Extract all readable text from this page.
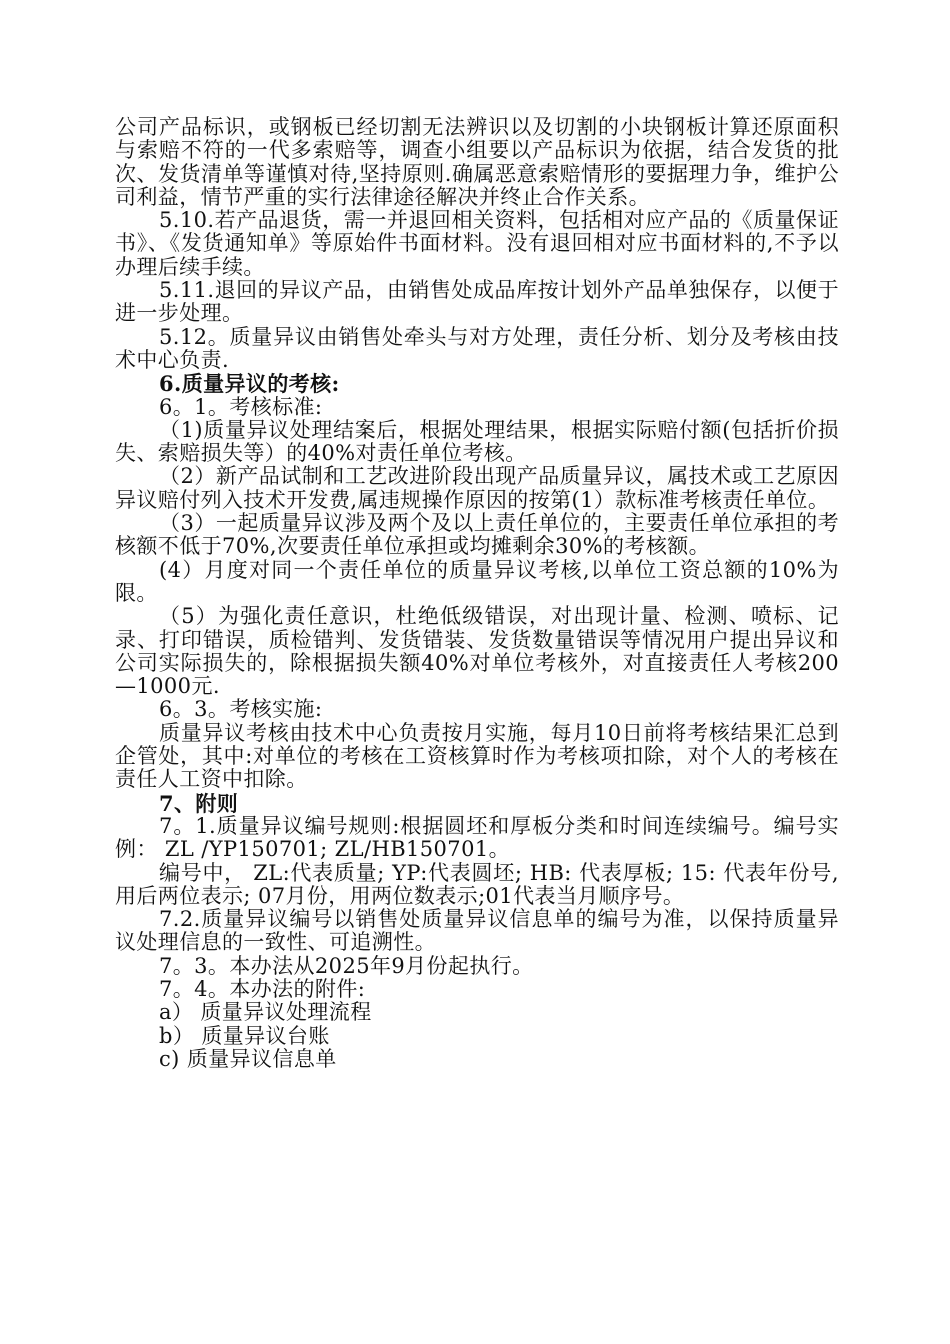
公司产品标识，或钢板已经切割无法辨识以及切割的小块钢板计算还原面积与索赔不符的一代多索赔等，调查小组要以产品标识为依据，结合发货的批次、发货清单等谨慎对待,坚持原则.确属恶意索赔情形的要据理力争，维护公司利益，情节严重的实行法律途径解决并终止合作关系。

5.10.若产品退货，需一并退回相关资料，包括相对应产品的《质量保证书》、《发货通知单》等原始件书面材料。没有退回相对应书面材料的,不予以办理后续手续。

5.11.退回的异议产品，由销售处成品库按计划外产品单独保存，以便于进一步处理。

5.12。质量异议由销售处牵头与对方处理，责任分析、划分及考核由技术中心负责.

6.质量异议的考核:

6。1。考核标准:

（1)质量异议处理结案后，根据处理结果，根据实际赔付额(包括折价损失、索赔损失等）的40%对责任单位考核。

（2）新产品试制和工艺改进阶段出现产品质量异议，属技术或工艺原因异议赔付列入技术开发费,属违规操作原因的按第(1）款标准考核责任单位。

（3）一起质量异议涉及两个及以上责任单位的，主要责任单位承担的考核额不低于70%,次要责任单位承担或均摊剩余30%的考核额。

(4）月度对同一个责任单位的质量异议考核,以单位工资总额的10%为限。

（5）为强化责任意识，杜绝低级错误，对出现计量、检测、喷标、记录、打印错误，质检错判、发货错装、发货数量错误等情况用户提出异议和公司实际损失的，除根据损失额40%对单位考核外，对直接责任人考核200—1000元.

6。3。考核实施:

质量异议考核由技术中心负责按月实施，每月10日前将考核结果汇总到企管处，其中:对单位的考核在工资核算时作为考核项扣除，对个人的考核在责任人工资中扣除。

7、附则

7。1.质量异议编号规则:根据圆坯和厚板分类和时间连续编号。编号实例： ZL /YP150701; ZL/HB150701。

编号中， ZL:代表质量; YP:代表圆坯; HB: 代表厚板; 15: 代表年份号,用后两位表示; 07月份，用两位数表示;01代表当月顺序号。

7.2.质量异议编号以销售处质量异议信息单的编号为准，以保持质量异议处理信息的一致性、可追溯性。

7。3。本办法从2025年9月份起执行。

7。4。本办法的附件:

a） 质量异议处理流程

b） 质量异议台账

c) 质量异议信息单
